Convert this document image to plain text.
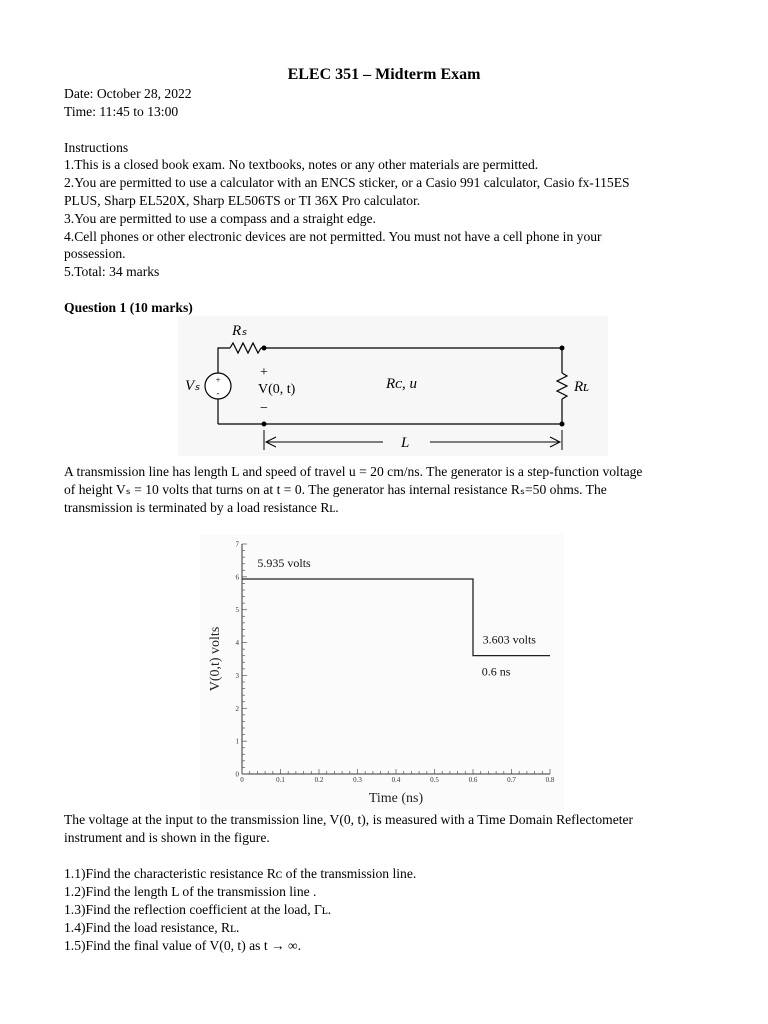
ELEC 351 – Midterm Exam
Date: October 28, 2022
Time: 11:45 to 13:00
Instructions
1.This is a closed book exam. No textbooks, notes or any other materials are permitted.
2.You are permitted to use a calculator with an ENCS sticker, or a Casio 991 calculator, Casio fx-115ES
PLUS, Sharp EL520X, Sharp EL506TS or TI 36X Pro calculator.
3.You are permitted to use a compass and a straight edge.
4.Cell phones or other electronic devices are not permitted. You must not have a cell phone in your
possession.
5.Total: 34 marks
Question 1 (10 marks)
+
-
Rₛ
Vₛ
+
V(0, t)
−
Rᴄ, u	Rʟ
L
A transmission line has length L and speed of travel u = 20 cm/ns. The generator is a step-function voltage
of height Vₛ = 10 volts that turns on at t = 0. The generator has internal resistance Rₛ=50 ohms. The
transmission is terminated by a load resistance Rʟ.
0	0.1	0.2	0.3	0.4	0.5	0.6	0.7	0.8
0
1
2
3
4
5
6
7
Time (ns)
V(0,t) volts
5.935 volts
3.603 volts
0.6 ns
The voltage at the input to the transmission line, V(0, t), is measured with a Time Domain Reflectometer
instrument and is shown in the figure.
1.1)Find the characteristic resistance Rᴄ of the transmission line.
1.2)Find the length L of the transmission line .
1.3)Find the reflection coefficient at the load, Γʟ.
1.4)Find the load resistance, Rʟ.
1.5)Find the final value of V(0, t) as t → ∞.
